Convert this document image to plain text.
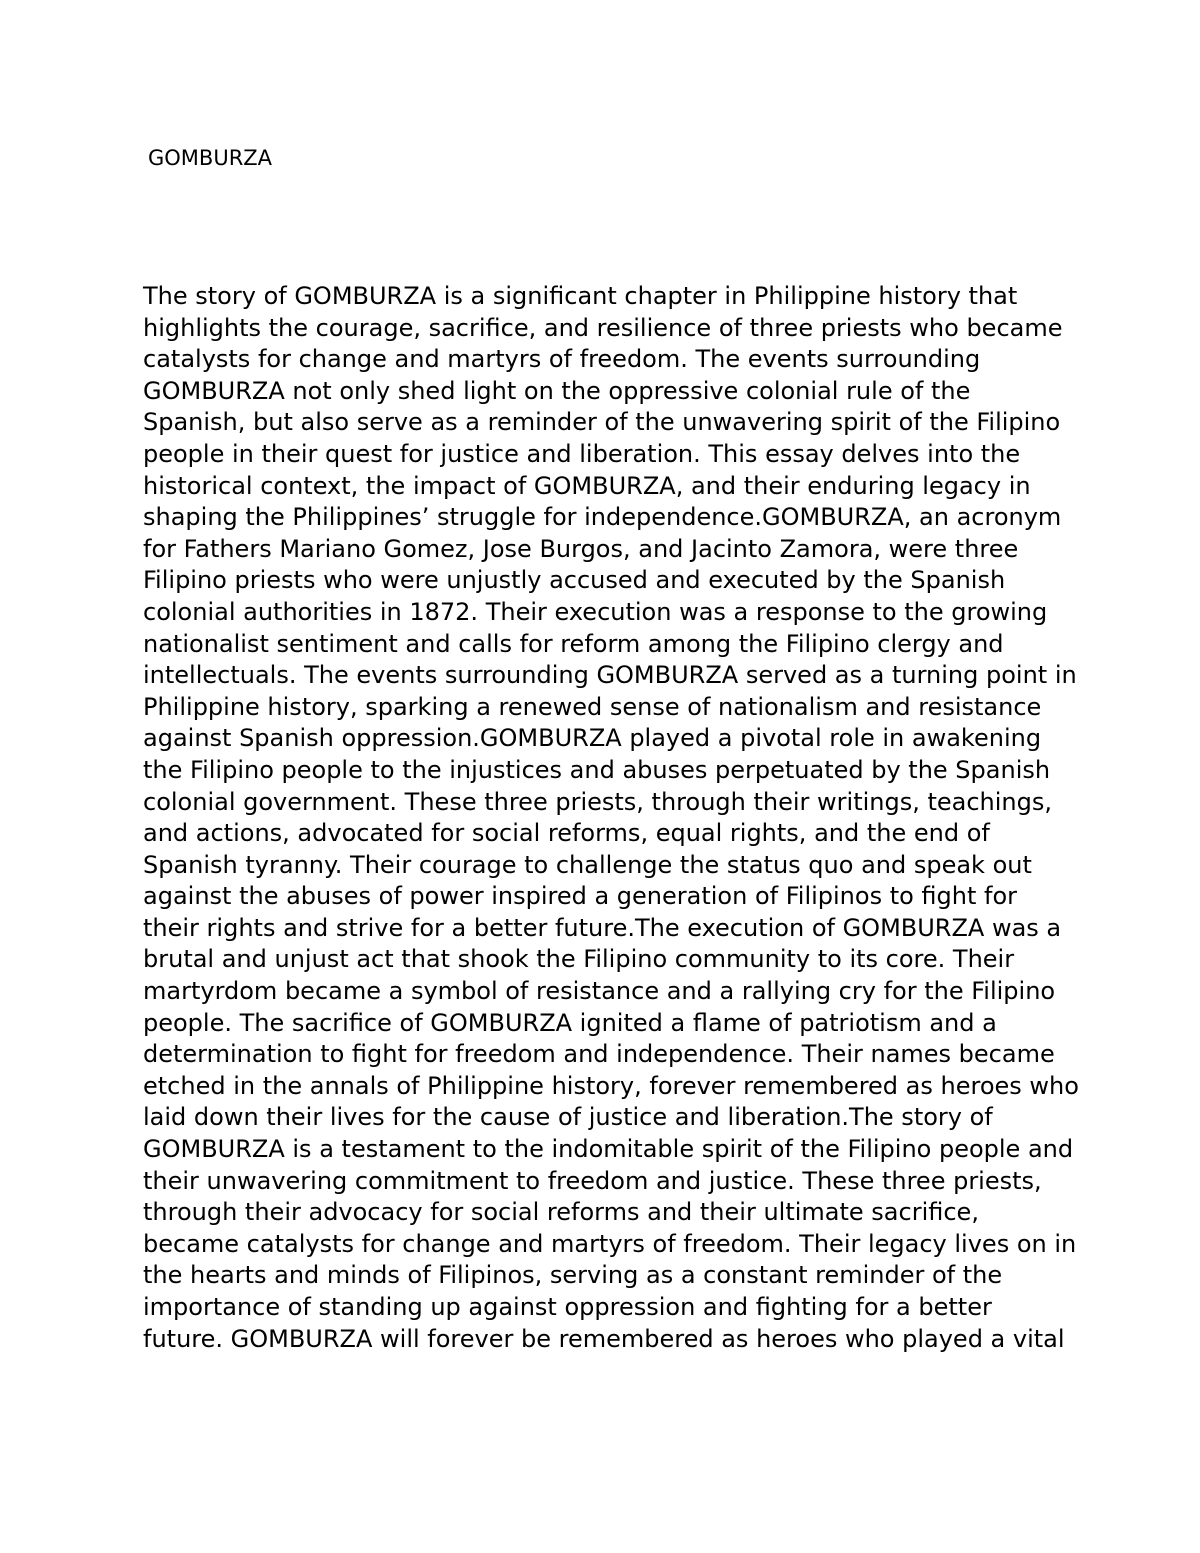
GOMBURZA
The story of GOMBURZA is a significant chapter in Philippine history that
highlights the courage, sacrifice, and resilience of three priests who became
catalysts for change and martyrs of freedom. The events surrounding
GOMBURZA not only shed light on the oppressive colonial rule of the
Spanish, but also serve as a reminder of the unwavering spirit of the Filipino
people in their quest for justice and liberation. This essay delves into the
historical context, the impact of GOMBURZA, and their enduring legacy in
shaping the Philippines’ struggle for independence.GOMBURZA, an acronym
for Fathers Mariano Gomez, Jose Burgos, and Jacinto Zamora, were three
Filipino priests who were unjustly accused and executed by the Spanish
colonial authorities in 1872. Their execution was a response to the growing
nationalist sentiment and calls for reform among the Filipino clergy and
intellectuals. The events surrounding GOMBURZA served as a turning point in
Philippine history, sparking a renewed sense of nationalism and resistance
against Spanish oppression.GOMBURZA played a pivotal role in awakening
the Filipino people to the injustices and abuses perpetuated by the Spanish
colonial government. These three priests, through their writings, teachings,
and actions, advocated for social reforms, equal rights, and the end of
Spanish tyranny. Their courage to challenge the status quo and speak out
against the abuses of power inspired a generation of Filipinos to fight for
their rights and strive for a better future.The execution of GOMBURZA was a
brutal and unjust act that shook the Filipino community to its core. Their
martyrdom became a symbol of resistance and a rallying cry for the Filipino
people. The sacrifice of GOMBURZA ignited a flame of patriotism and a
determination to fight for freedom and independence. Their names became
etched in the annals of Philippine history, forever remembered as heroes who
laid down their lives for the cause of justice and liberation.The story of
GOMBURZA is a testament to the indomitable spirit of the Filipino people and
their unwavering commitment to freedom and justice. These three priests,
through their advocacy for social reforms and their ultimate sacrifice,
became catalysts for change and martyrs of freedom. Their legacy lives on in
the hearts and minds of Filipinos, serving as a constant reminder of the
importance of standing up against oppression and fighting for a better
future. GOMBURZA will forever be remembered as heroes who played a vital
